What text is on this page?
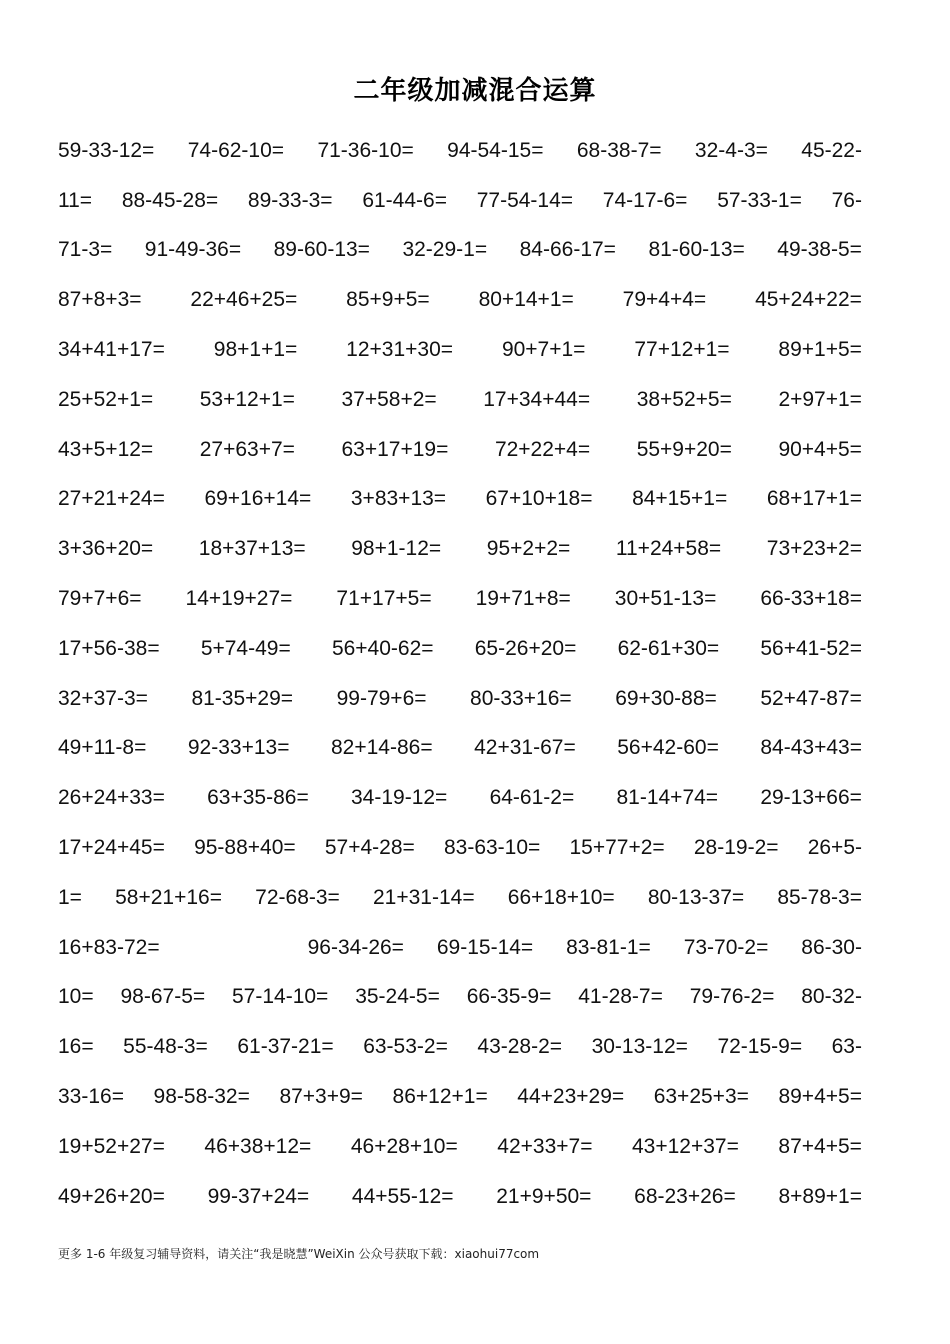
二年级加减混合运算
59-33-12= 74-62-10= 71-36-10= 94-54-15= 68-38-7= 32-4-3= 45-22-
11= 88-45-28= 89-33-3= 61-44-6= 77-54-14= 74-17-6= 57-33-1= 76-
71-3= 91-49-36= 89-60-13= 32-29-1= 84-66-17= 81-60-13= 49-38-5=
87+8+3= 22+46+25= 85+9+5= 80+14+1= 79+4+4= 45+24+22=
34+41+17= 98+1+1= 12+31+30= 90+7+1= 77+12+1= 89+1+5=
25+52+1= 53+12+1= 37+58+2= 17+34+44= 38+52+5= 2+97+1=
43+5+12= 27+63+7= 63+17+19= 72+22+4= 55+9+20= 90+4+5=
27+21+24= 69+16+14= 3+83+13= 67+10+18= 84+15+1= 68+17+1=
3+36+20= 18+37+13= 98+1-12= 95+2+2= 11+24+58= 73+23+2=
79+7+6= 14+19+27= 71+17+5= 19+71+8= 30+51-13= 66-33+18=
17+56-38= 5+74-49= 56+40-62= 65-26+20= 62-61+30= 56+41-52=
32+37-3= 81-35+29= 99-79+6= 80-33+16= 69+30-88= 52+47-87=
49+11-8= 92-33+13= 82+14-86= 42+31-67= 56+42-60= 84-43+43=
26+24+33= 63+35-86= 34-19-12= 64-61-2= 81-14+74= 29-13+66=
17+24+45= 95-88+40= 57+4-28= 83-63-10= 15+77+2= 28-19-2= 26+5-
1= 58+21+16= 72-68-3= 21+31-14= 66+18+10= 80-13-37= 85-78-3=
16+83-72=	96-34-26= 69-15-14= 83-81-1= 73-70-2= 86-30-
10= 98-67-5= 57-14-10= 35-24-5= 66-35-9= 41-28-7= 79-76-2= 80-32-
16= 55-48-3= 61-37-21= 63-53-2= 43-28-2= 30-13-12= 72-15-9= 63-
33-16= 98-58-32= 87+3+9= 86+12+1= 44+23+29= 63+25+3= 89+4+5=
19+52+27= 46+38+12= 46+28+10= 42+33+7= 43+12+37= 87+4+5=
49+26+20= 99-37+24= 44+55-12= 21+9+50= 68-23+26= 8+89+1=
更多 1-6 年级复习辅导资料，请关注“我是晓慧”WeiXin 公众号获取下载：xiaohui77com
